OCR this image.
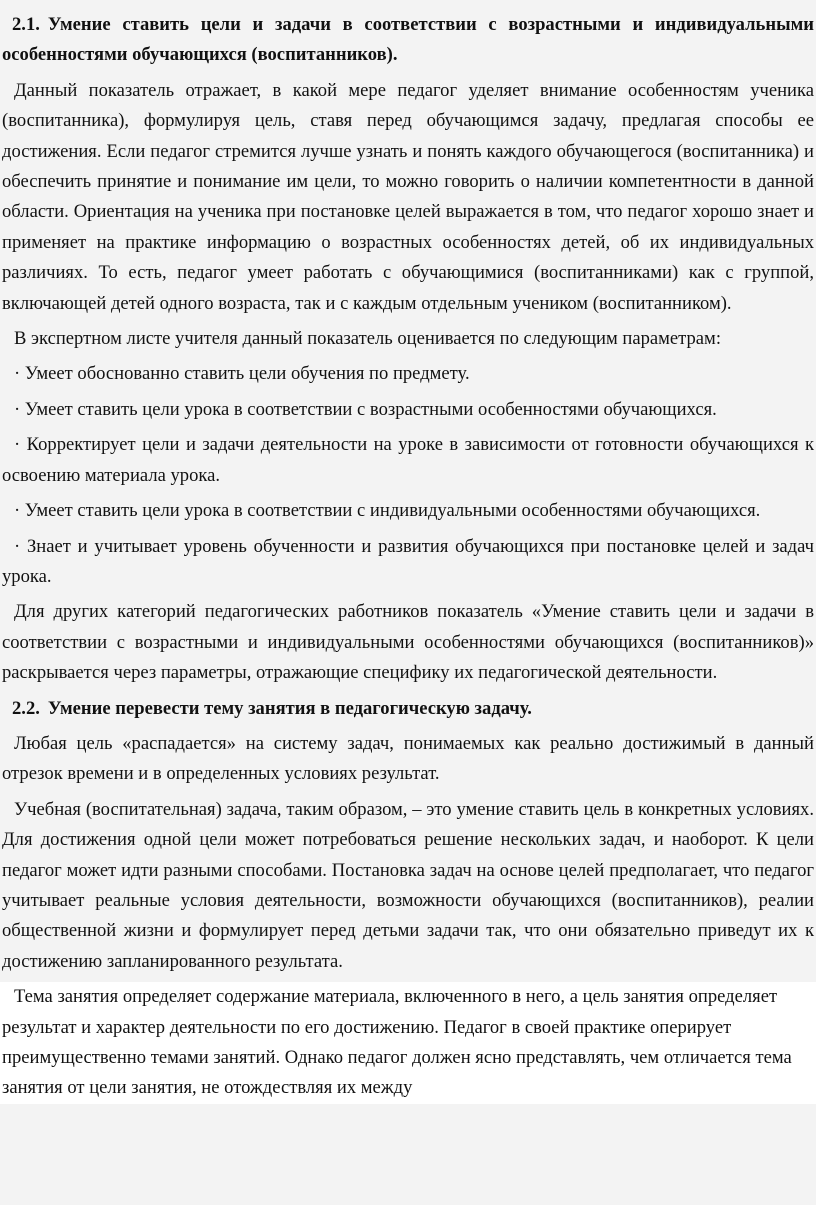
2.1. Умение ставить цели и задачи в соответствии с возрастными и индивидуальными особенностями обучающихся (воспитанников).

Данный показатель отражает, в какой мере педагог уделяет внимание особенностям ученика (воспитанника), формулируя цель, ставя перед обучающимся задачу, предлагая способы ее достижения. Если педагог стремится лучше узнать и понять каждого обучающегося (воспитанника) и обеспечить принятие и понимание им цели, то можно говорить о наличии компетентности в данной области. Ориентация на ученика при постановке целей выражается в том, что педагог хорошо знает и применяет на практике информацию о возрастных особенностях детей, об их индивидуальных различиях. То есть, педагог умеет работать с обучающимися (воспитанниками) как с группой, включающей детей одного возраста, так и с каждым отдельным учеником (воспитанником).

В экспертном листе учителя данный показатель оценивается по следующим параметрам:

· Умеет обоснованно ставить цели обучения по предмету.

· Умеет ставить цели урока в соответствии с возрастными особенностями обучающихся.

· Корректирует цели и задачи деятельности на уроке в зависимости от готовности обучающихся к освоению материала урока.

· Умеет ставить цели урока в соответствии с индивидуальными особенностями обучающихся.

· Знает и учитывает уровень обученности и развития обучающихся при постановке целей и задач урока.

Для других категорий педагогических работников показатель «Умение ставить цели и задачи в соответствии с возрастными и индивидуальными особенностями обучающихся (воспитанников)» раскрывается через параметры, отражающие специфику их педагогической деятельности.

2.2. Умение перевести тему занятия в педагогическую задачу.

Любая цель «распадается» на систему задач, понимаемых как реально достижимый в данный отрезок времени и в определенных условиях результат.

Учебная (воспитательная) задача, таким образом, – это умение ставить цель в конкретных условиях. Для достижения одной цели может потребоваться решение нескольких задач, и наоборот. К цели педагог может идти разными способами. Постановка задач на основе целей предполагает, что педагог учитывает реальные условия деятельности, возможности обучающихся (воспитанников), реалии общественной жизни и формулирует перед детьми задачи так, что они обязательно приведут их к достижению запланированного результата.

Тема занятия определяет содержание материала, включенного в него, а цель занятия определяет результат и характер деятельности по его достижению. Педагог в своей практике оперирует преимущественно темами занятий. Однако педагог должен ясно представлять, чем отличается тема занятия от цели занятия, не отождествляя их между
